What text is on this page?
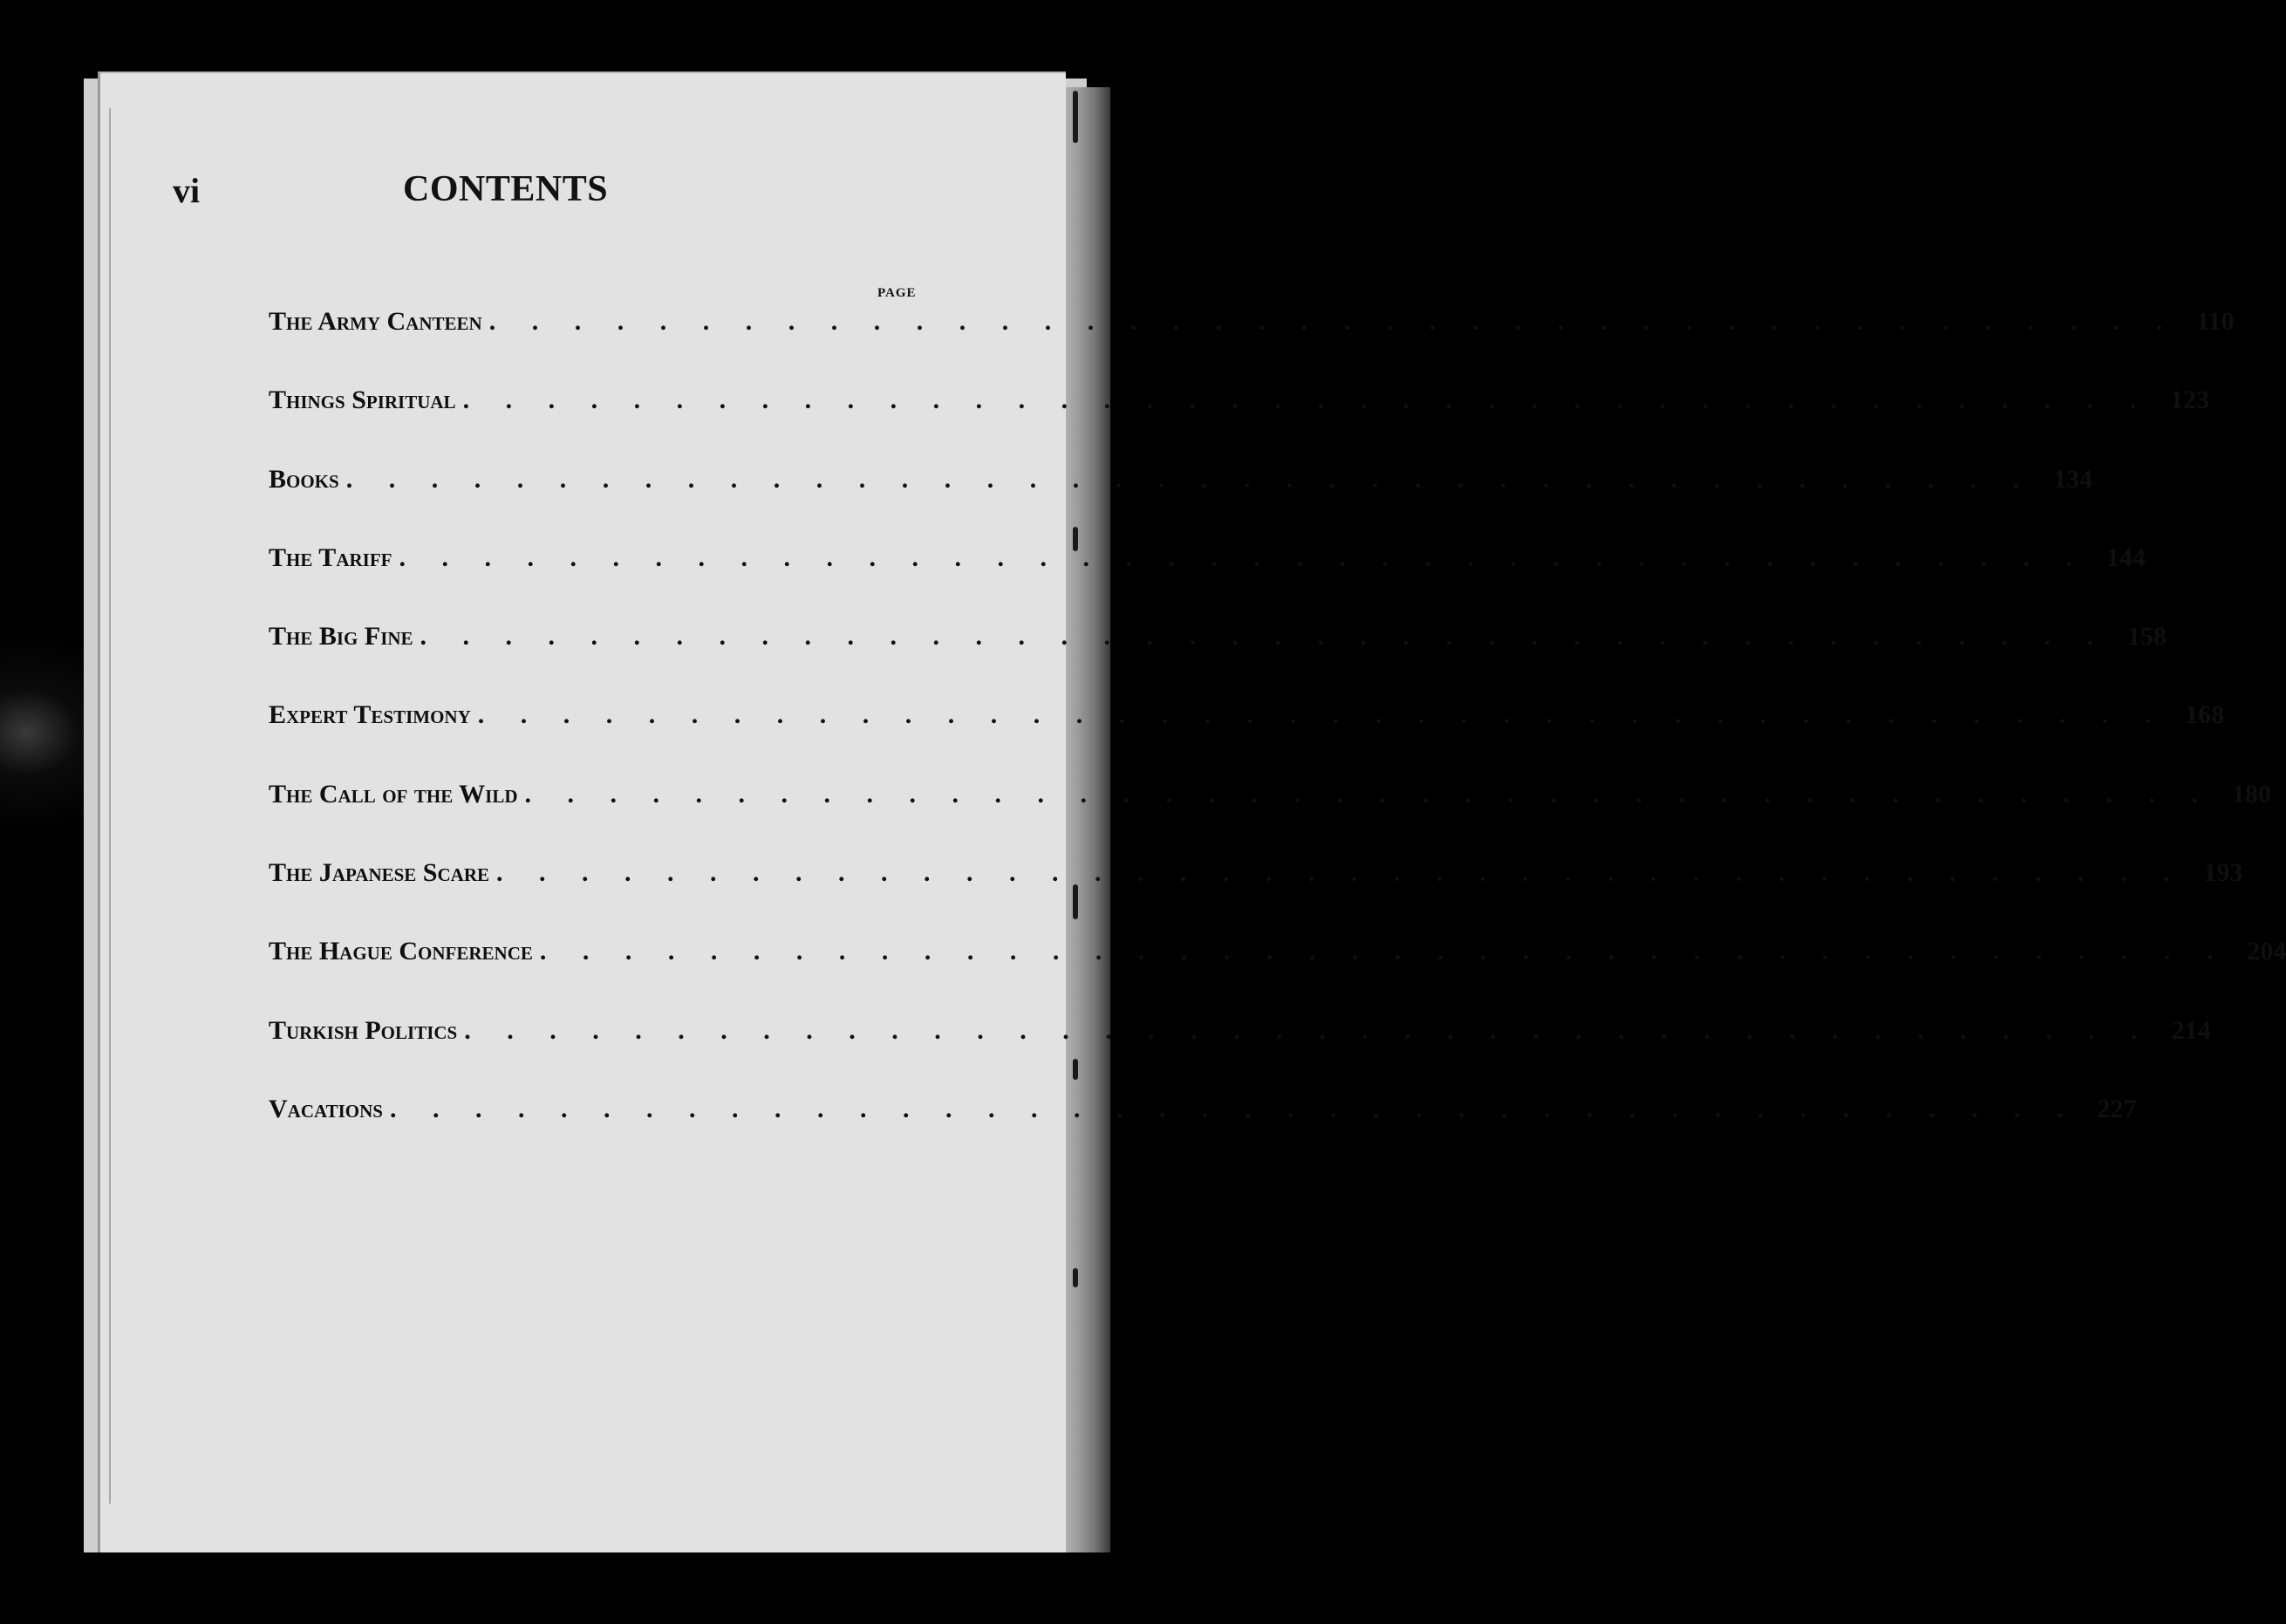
vi	CONTENTS
PAGE
The Army Canteen . . . . . . . . . . . . . . . . . . . . . . . . . . . . . . . . . . . . . . . . 110
Things Spiritual . . . . . . . . . . . . . . . . . . . . . . . . . . . . . . . . . . . . . . . . 123
Books . . . . . . . . . . . . . . . . . . . . . . . . . . . . . . . . . . . . . . . . 134
The Tariff . . . . . . . . . . . . . . . . . . . . . . . . . . . . . . . . . . . . . . . . 144
The Big Fine . . . . . . . . . . . . . . . . . . . . . . . . . . . . . . . . . . . . . . . . 158
Expert Testimony . . . . . . . . . . . . . . . . . . . . . . . . . . . . . . . . . . . . . . . . 168
The Call of the Wild . . . . . . . . . . . . . . . . . . . . . . . . . . . . . . . . . . . . . . . . 180
The Japanese Scare . . . . . . . . . . . . . . . . . . . . . . . . . . . . . . . . . . . . . . . . 193
The Hague Conference . . . . . . . . . . . . . . . . . . . . . . . . . . . . . . . . . . . . . . . . 204
Turkish Politics . . . . . . . . . . . . . . . . . . . . . . . . . . . . . . . . . . . . . . . . 214
Vacations . . . . . . . . . . . . . . . . . . . . . . . . . . . . . . . . . . . . . . . . 227
